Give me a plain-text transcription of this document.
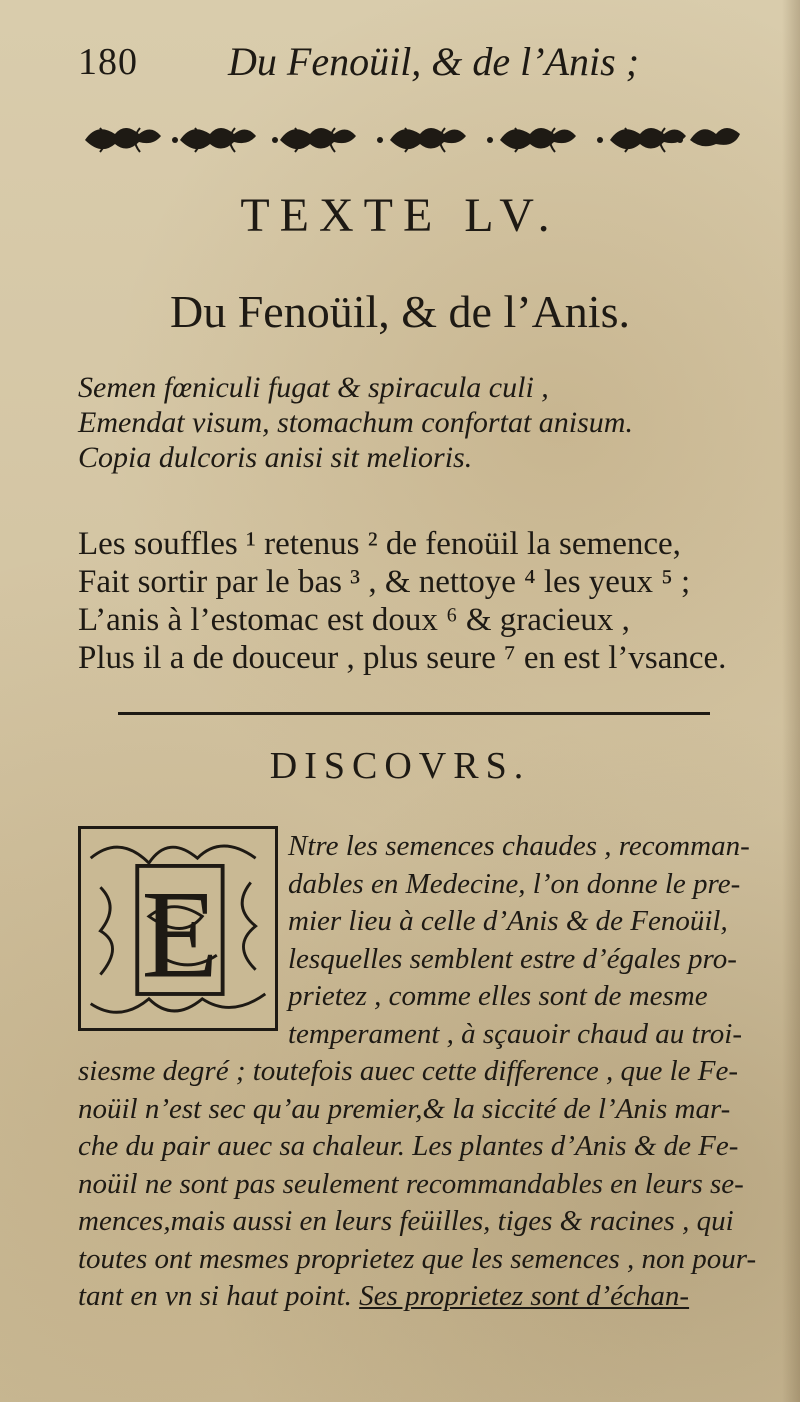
180 Du Fenoüil, & de l’Anis ;
TEXTE LV.
Du Fenoüil, & de l’Anis.
Semen fœniculi fugat & spiracula culi ,
Emendat visum, stomachum confortat anisum.
Copia dulcoris anisi sit melioris.
Les souffles ¹ retenus ² de fenoüil la semence,
Fait sortir par le bas ³ , & nettoye ⁴ les yeux ⁵ ;
L’anis à l’estomac est doux ⁶ & gracieux ,
Plus il a de douceur , plus seure ⁷ en est l’vsance.
DISCOVRS.
E
Ntre les semences chaudes , recomman-
dables en Medecine, l’on donne le pre-
mier lieu à celle d’Anis & de Fenoüil,
lesquelles semblent estre d’égales pro-
prietez , comme elles sont de mesme
temperament , à sçauoir chaud au troi-
siesme degré ; toutefois auec cette difference , que le Fe-
noüil n’est sec qu’au premier,& la siccité de l’Anis mar-
che du pair auec sa chaleur. Les plantes d’Anis & de Fe-
noüil ne sont pas seulement recommandables en leurs se-
mences,mais aussi en leurs feüilles, tiges & racines , qui
toutes ont mesmes proprietez que les semences , non pour-
tant en vn si haut point. Ses proprietez sont d’échan-
